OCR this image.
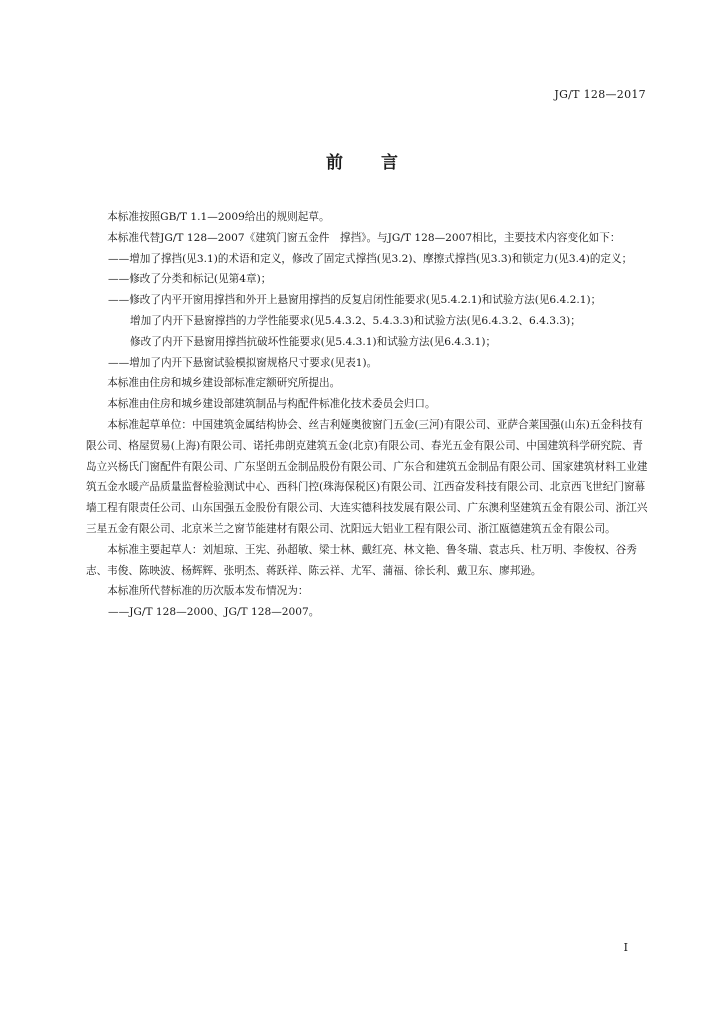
JG/T 128—2017
前言

本标准按照GB/T 1.1—2009给出的规则起草。

本标准代替JG/T 128—2007《建筑门窗五金件　撑挡》。与JG/T 128—2007相比，主要技术内容变化如下：

——增加了撑挡(见3.1)的术语和定义，修改了固定式撑挡(见3.2)、摩擦式撑挡(见3.3)和锁定力(见3.4)的定义；

——修改了分类和标记(见第4章)；

——修改了内平开窗用撑挡和外开上悬窗用撑挡的反复启闭性能要求(见5.4.2.1)和试验方法(见6.4.2.1)；

增加了内开下悬窗撑挡的力学性能要求(见5.4.3.2、5.4.3.3)和试验方法(见6.4.3.2、6.4.3.3)；

修改了内开下悬窗用撑挡抗破坏性能要求(见5.4.3.1)和试验方法(见6.4.3.1)；

——增加了内开下悬窗试验模拟窗规格尺寸要求(见表1)。

本标准由住房和城乡建设部标准定额研究所提出。

本标准由住房和城乡建设部建筑制品与构配件标准化技术委员会归口。

本标准起草单位：中国建筑金属结构协会、丝吉利娅奥彼窗门五金(三河)有限公司、亚萨合莱国强(山东)五金科技有限公司、格屋贸易(上海)有限公司、诺托弗朗克建筑五金(北京)有限公司、春光五金有限公司、中国建筑科学研究院、青岛立兴杨氏门窗配件有限公司、广东坚朗五金制品股份有限公司、广东合和建筑五金制品有限公司、国家建筑材料工业建筑五金水暖产品质量监督检验测试中心、西科门控(珠海保税区)有限公司、江西奋发科技有限公司、北京西飞世纪门窗幕墙工程有限责任公司、山东国强五金股份有限公司、大连实德科技发展有限公司、广东澳利坚建筑五金有限公司、浙江兴三星五金有限公司、北京米兰之窗节能建材有限公司、沈阳远大铝业工程有限公司、浙江瓯德建筑五金有限公司。

本标准主要起草人：刘旭琼、王宪、孙超敏、梁士林、戴红亮、林文艳、鲁冬瑞、袁志兵、杜万明、李俊权、谷秀志、韦俊、陈映波、杨辉辉、张明杰、蒋跃祥、陈云祥、尤军、蒲福、徐长利、戴卫东、廖邦逊。

本标准所代替标准的历次版本发布情况为：

——JG/T 128—2000、JG/T 128—2007。

I
